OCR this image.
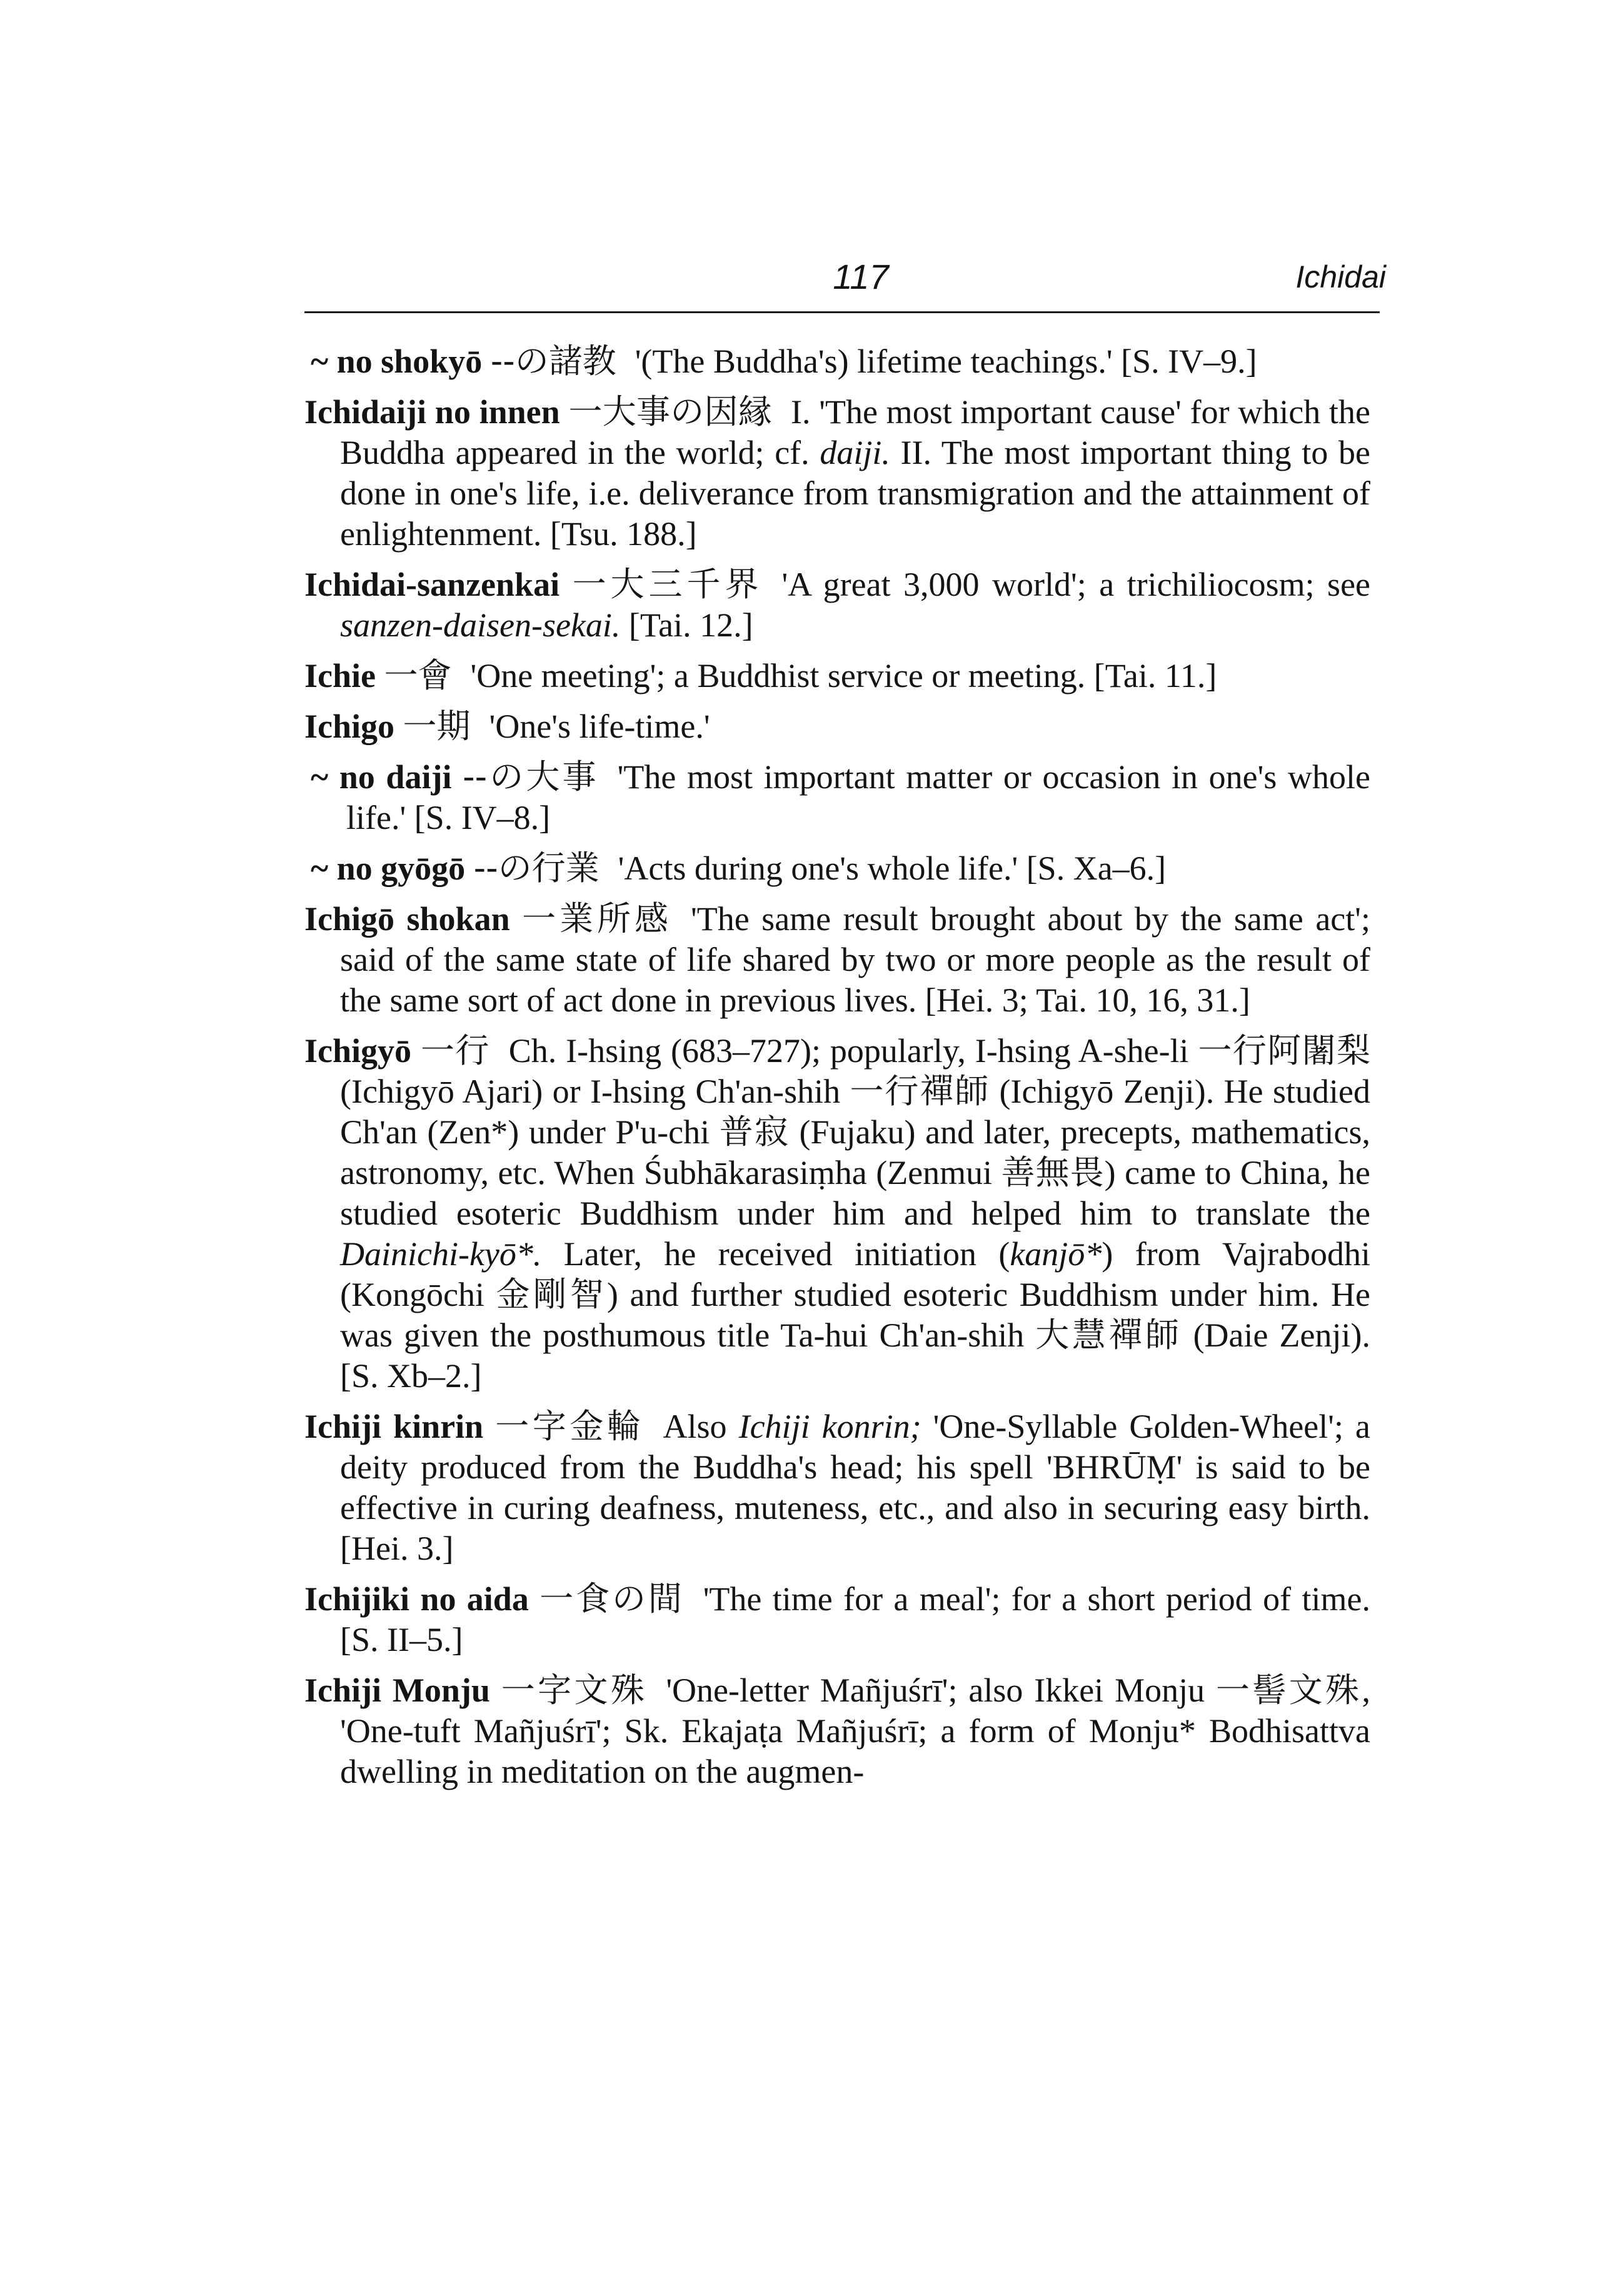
117	Ichidai

~ no shokyō --の諸教 '(The Buddha's) lifetime teachings.' [S. IV–9.]

Ichidaiji no innen 一大事の因縁 I. 'The most important cause' for which the Buddha appeared in the world; cf. daiji. II. The most important thing to be done in one's life, i.e. deliverance from transmigration and the attainment of enlightenment. [Tsu. 188.]

Ichidai-sanzenkai 一大三千界 'A great 3,000 world'; a trichiliocosm; see sanzen-daisen-sekai. [Tai. 12.]

Ichie 一會 'One meeting'; a Buddhist service or meeting. [Tai. 11.]

Ichigo 一期 'One's life-time.'

~ no daiji --の大事 'The most important matter or occasion in one's whole life.' [S. IV–8.]

~ no gyōgō --の行業 'Acts during one's whole life.' [S. Xa–6.]

Ichigō shokan 一業所感 'The same result brought about by the same act'; said of the same state of life shared by two or more people as the result of the same sort of act done in previous lives. [Hei. 3; Tai. 10, 16, 31.]

Ichigyō 一行 Ch. I-hsing (683–727); popularly, I-hsing A-she-li 一行阿闍梨 (Ichigyō Ajari) or I-hsing Ch'an-shih 一行禪師 (Ichigyō Zenji). He studied Ch'an (Zen*) under P'u-chi 普寂 (Fujaku) and later, precepts, mathematics, astronomy, etc. When Śubhākarasiṃha (Zenmui 善無畏) came to China, he studied esoteric Buddhism under him and helped him to translate the Dainichi-kyō*. Later, he received initiation (kanjō*) from Vajrabodhi (Kongōchi 金剛智) and further studied esoteric Buddhism under him. He was given the posthumous title Ta-hui Ch'an-shih 大慧禪師 (Daie Zenji). [S. Xb–2.]

Ichiji kinrin 一字金輪 Also Ichiji konrin; 'One-Syllable Golden-Wheel'; a deity produced from the Buddha's head; his spell 'BHRŪṂ' is said to be effective in curing deafness, muteness, etc., and also in securing easy birth. [Hei. 3.]

Ichijiki no aida 一食の間 'The time for a meal'; for a short period of time. [S. II–5.]

Ichiji Monju 一字文殊 'One-letter Mañjuśrī'; also Ikkei Monju 一髻文殊, 'One-tuft Mañjuśrī'; Sk. Ekajaṭa Mañjuśrī; a form of Monju* Bodhisattva dwelling in meditation on the augmen-
